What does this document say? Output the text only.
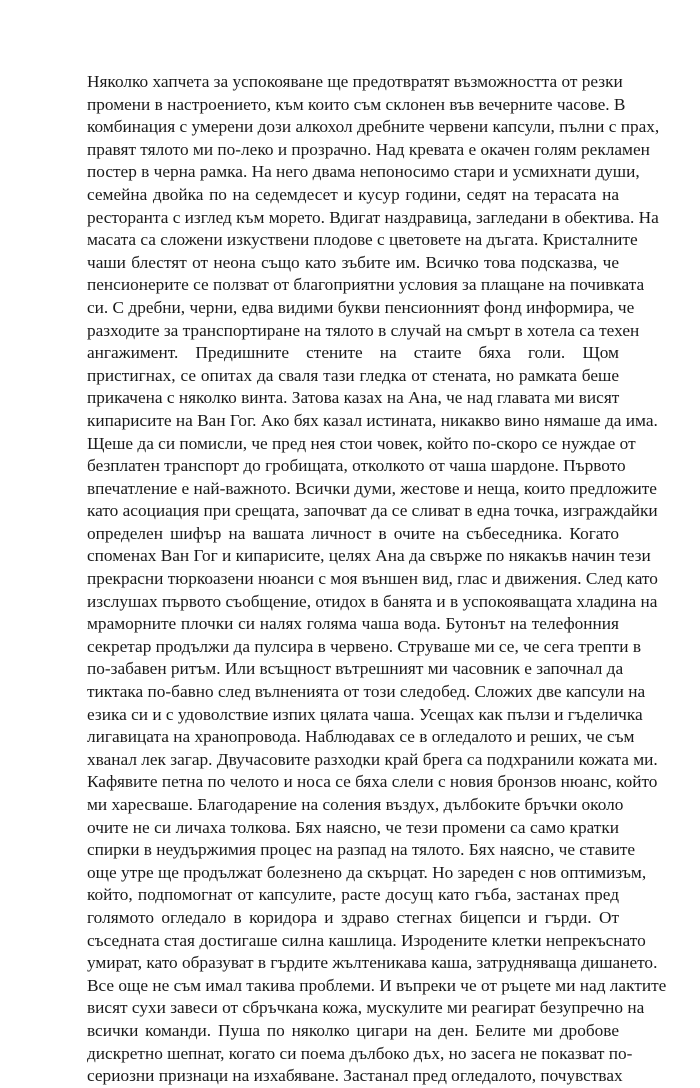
Няколко хапчета за успокояване ще предотвратят възможността от резки
промени в настроението, към които съм склонен във вечерните часове. В
комбинация с умерени дози алкохол дребните червени капсули, пълни с прах,
правят тялото ми по-леко и прозрачно. Над кревата е окачен голям рекламен
постер в черна рамка. На него двама непоносимо стари и усмихнати души,
семейна двойка по на седемдесет и кусур години, седят на терасата на
ресторанта с изглед към морето. Вдигат наздравица, загледани в обектива. На
масата са сложени изкуствени плодове с цветовете на дъгата. Кристалните
чаши блестят от неона също като зъбите им. Всичко това подсказва, че
пенсионерите се ползват от благоприятни условия за плащане на почивката
си. С дребни, черни, едва видими букви пенсионният фонд информира, че
разходите за транспортиране на тялото в случай на смърт в хотела са техен
ангажимент. Предишните стените на стаите бяха голи. Щом
пристигнах, се опитах да сваля тази гледка от стената, но рамката беше
прикачена с няколко винта. Затова казах на Ана, че над главата ми висят
кипарисите на Ван Гог. Ако бях казал истината, никакво вино нямаше да има.
Щеше да си помисли, че пред нея стои човек, който по-скоро се нуждае от
безплатен транспорт до гробищата, отколкото от чаша шардоне. Първото
впечатление е най-важното. Всички думи, жестове и неща, които предложите
като асоциация при срещата, започват да се сливат в една точка, изграждайки
определен шифър на вашата личност в очите на събеседника. Когато
споменах Ван Гог и кипарисите, целях Ана да свърже по някакъв начин тези
прекрасни тюркоазени нюанси с моя външен вид, глас и движения. След като
изслушах първото съобщение, отидох в банята и в успокояващата хладина на
мраморните плочки си налях голяма чаша вода. Бутонът на телефонния
секретар продължи да пулсира в червено. Струваше ми се, че сега трепти в
по-забавен ритъм. Или всъщност вътрешният ми часовник е започнал да
тиктака по-бавно след вълненията от този следобед. Сложих две капсули на
езика си и с удоволствие изпих цялата чаша. Усещах как пълзи и гъделичка
лигавицата на хранопровода. Наблюдавах се в огледалото и реших, че съм
хванал лек загар. Двучасовите разходки край брега са подхранили кожата ми.
Кафявите петна по челото и носа се бяха слели с новия бронзов нюанс, който
ми харесваше. Благодарение на соления въздух, дълбоките бръчки около
очите не си личаха толкова. Бях наясно, че тези промени са само кратки
спирки в неудържимия процес на разпад на тялото. Бях наясно, че ставите
още утре ще продължат болезнено да скърцат. Но зареден с нов оптимизъм,
който, подпомогнат от капсулите, расте досущ като гъба, застанах пред
голямото огледало в коридора и здраво стегнах бицепси и гърди. От
съседната стая достигаше силна кашлица. Изродените клетки непрекъснато
умират, като образуват в гърдите жълтеникава каша, затрудняваща дишането.
Все още не съм имал такива проблеми. И въпреки че от ръцете ми над лактите
висят сухи завеси от сбръчкана кожа, мускулите ми реагират безупречно на
всички команди. Пуша по няколко цигари на ден. Белите ми дробове
дискретно шепнат, когато си поема дълбоко дъх, но засега не показват по-
сериозни признаци на изхабяване. Застанал пред огледалото, почувствах
